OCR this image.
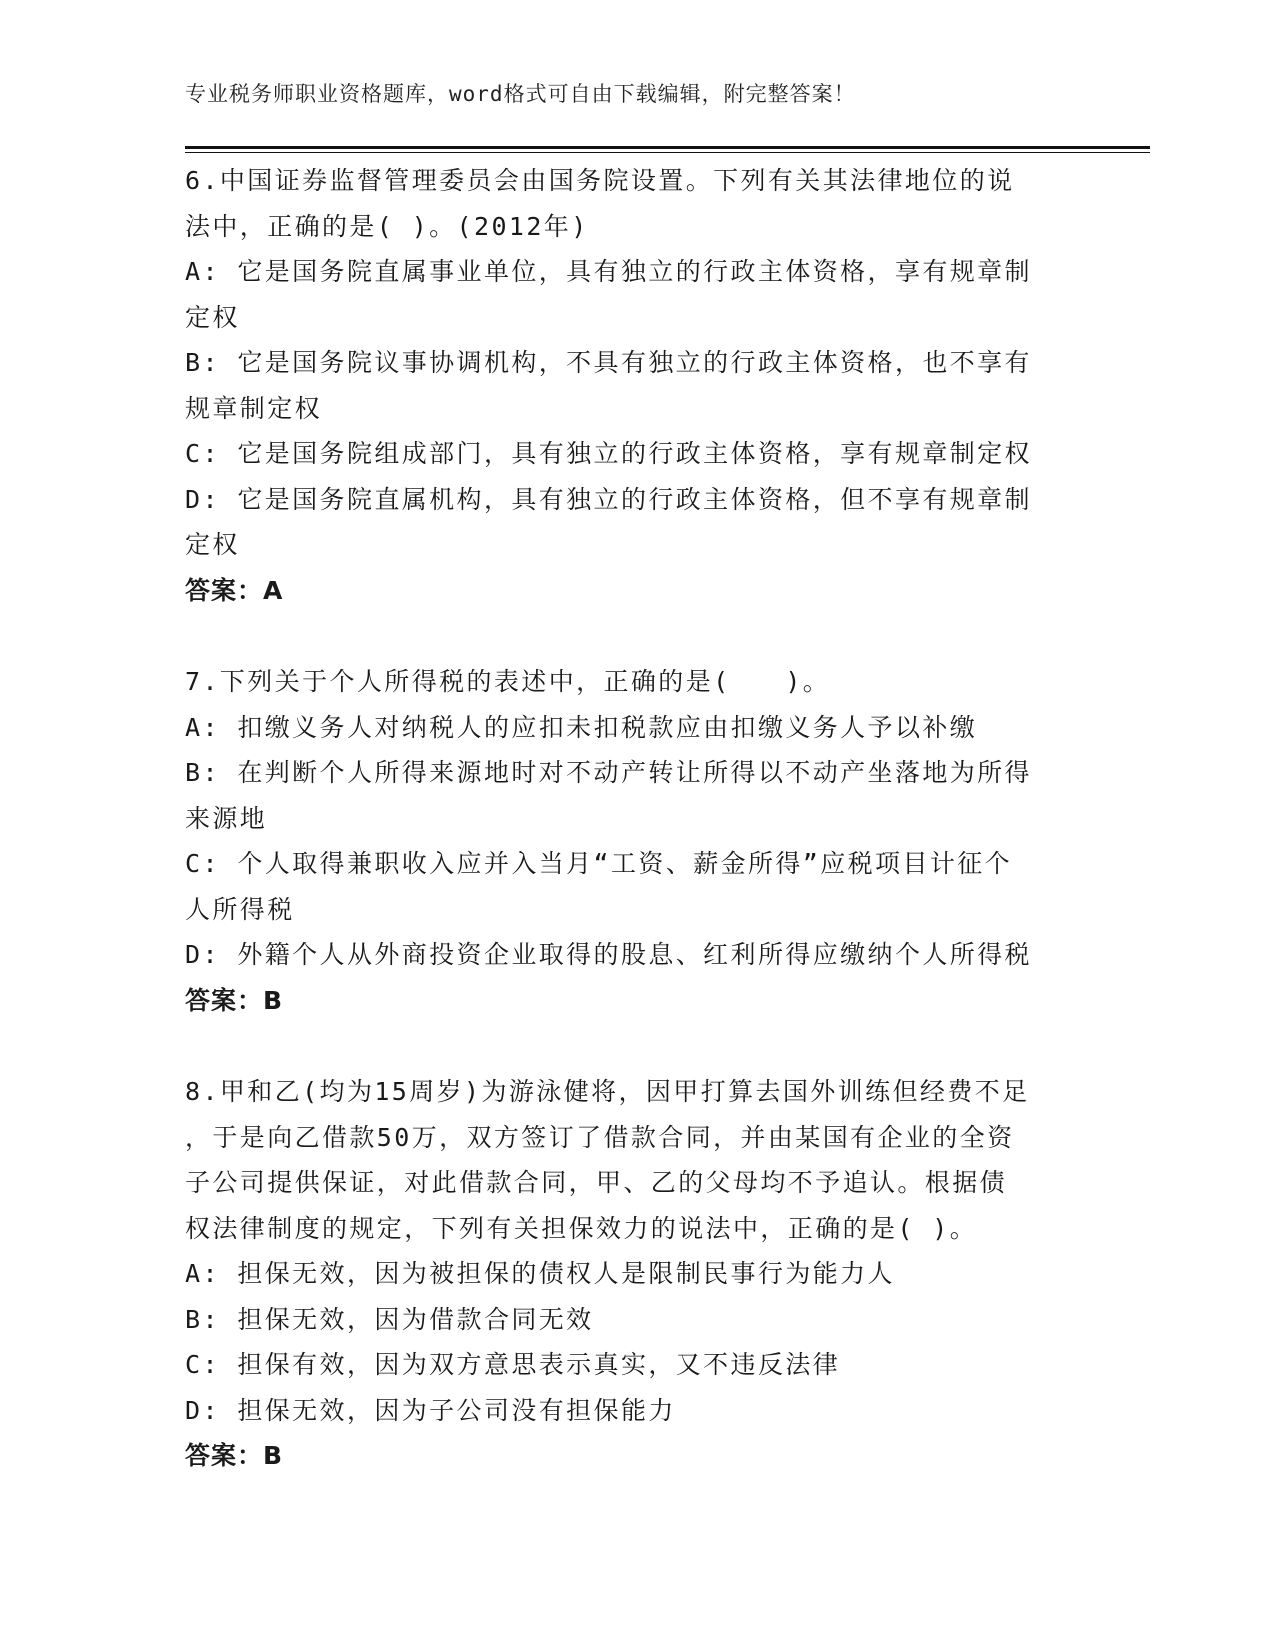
专业税务师职业资格题库，word格式可自由下载编辑，附完整答案！

6.中国证券监督管理委员会由国务院设置。下列有关其法律地位的说

法中，正确的是( )。(2012年)

A: 它是国务院直属事业单位，具有独立的行政主体资格，享有规章制

定权

B: 它是国务院议事协调机构，不具有独立的行政主体资格，也不享有

规章制定权

C: 它是国务院组成部门，具有独立的行政主体资格，享有规章制定权

D: 它是国务院直属机构，具有独立的行政主体资格，但不享有规章制

定权

答案：A

7.下列关于个人所得税的表述中，正确的是(　　)。

A: 扣缴义务人对纳税人的应扣未扣税款应由扣缴义务人予以补缴

B: 在判断个人所得来源地时对不动产转让所得以不动产坐落地为所得

来源地

C: 个人取得兼职收入应并入当月“工资、薪金所得”应税项目计征个

人所得税

D: 外籍个人从外商投资企业取得的股息、红利所得应缴纳个人所得税

答案：B

8.甲和乙(均为15周岁)为游泳健将，因甲打算去国外训练但经费不足

，于是向乙借款50万，双方签订了借款合同，并由某国有企业的全资

子公司提供保证，对此借款合同，甲、乙的父母均不予追认。根据债

权法律制度的规定，下列有关担保效力的说法中，正确的是( )。

A: 担保无效，因为被担保的债权人是限制民事行为能力人

B: 担保无效，因为借款合同无效

C: 担保有效，因为双方意思表示真实，又不违反法律

D: 担保无效，因为子公司没有担保能力

答案：B
